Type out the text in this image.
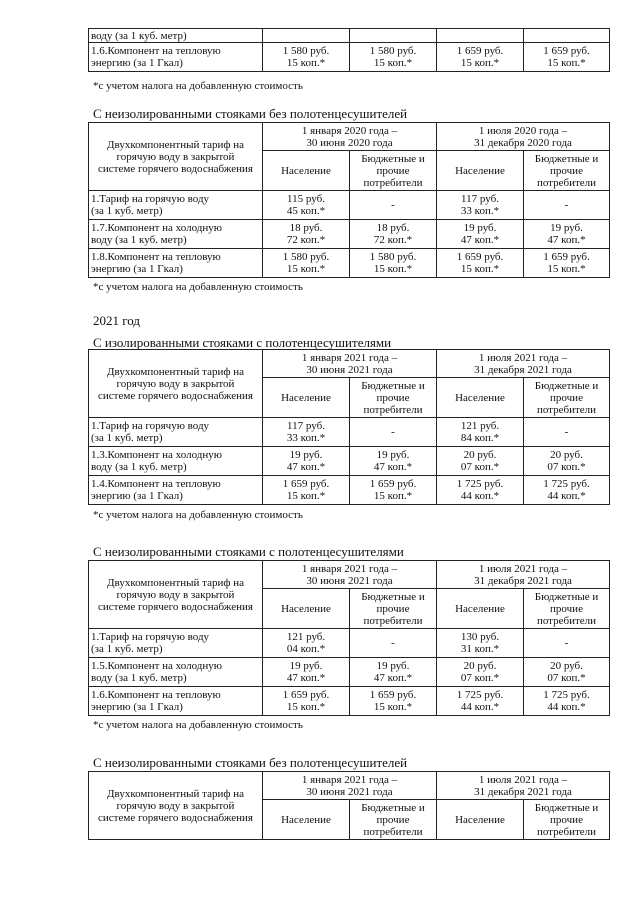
воду (за 1 куб. метр)				

1.6.Компонент на тепловую
энергию (за 1 Гкал)	1 580 руб.
15 коп.*	1 580 руб.
15 коп.*	1 659 руб.
15 коп.*	1 659 руб.
15 коп.*
*с учетом налога на добавленную стоимость
С неизолированными стояками без полотенцесушителей
Двухкомпонентный тариф на
горячую воду в закрытой
системе горячего водоснабжения	1 января 2020 года –
30 июня 2020 года		1 июля 2020 года –
31 декабря 2020 года	

	Население	Бюджетные и
прочие
потребители	Население	Бюджетные и
прочие
потребители

1.Тариф на горячую воду
(за 1 куб. метр)	115 руб.
45 коп.*	-	117 руб.
33 коп.*	-

1.7.Компонент на холодную
воду (за 1 куб. метр)	18 руб.
72 коп.*	18 руб.
72 коп.*	19 руб.
47 коп.*	19 руб.
47 коп.*

1.8.Компонент на тепловую
энергию (за 1 Гкал)	1 580 руб.
15 коп.*	1 580 руб.
15 коп.*	1 659 руб.
15 коп.*	1 659 руб.
15 коп.*
*с учетом налога на добавленную стоимость
2021 год
С изолированными стояками с полотенцесушителями
Двухкомпонентный тариф на
горячую воду в закрытой
системе горячего водоснабжения	1 января 2021 года –
30 июня 2021 года		1 июля 2021 года –
31 декабря 2021 года	

	Население	Бюджетные и
прочие
потребители	Население	Бюджетные и
прочие
потребители

1.Тариф на горячую воду
(за 1 куб. метр)	117 руб.
33 коп.*	-	121 руб.
84 коп.*	-

1.3.Компонент на холодную
воду (за 1 куб. метр)	19 руб.
47 коп.*	19 руб.
47 коп.*	20 руб.
07 коп.*	20 руб.
07 коп.*

1.4.Компонент на тепловую
энергию (за 1 Гкал)	1 659 руб.
15 коп.*	1 659 руб.
15 коп.*	1 725 руб.
44 коп.*	1 725 руб.
44 коп.*
*с учетом налога на добавленную стоимость
С неизолированными стояками с полотенцесушителями
Двухкомпонентный тариф на
горячую воду в закрытой
системе горячего водоснабжения	1 января 2021 года –
30 июня 2021 года		1 июля 2021 года –
31 декабря 2021 года	

	Население	Бюджетные и
прочие
потребители	Население	Бюджетные и
прочие
потребители

1.Тариф на горячую воду
(за 1 куб. метр)	121 руб.
04 коп.*	-	130 руб.
31 коп.*	-

1.5.Компонент на холодную
воду (за 1 куб. метр)	19 руб.
47 коп.*	19 руб.
47 коп.*	20 руб.
07 коп.*	20 руб.
07 коп.*

1.6.Компонент на тепловую
энергию (за 1 Гкал)	1 659 руб.
15 коп.*	1 659 руб.
15 коп.*	1 725 руб.
44 коп.*	1 725 руб.
44 коп.*
*с учетом налога на добавленную стоимость
С неизолированными стояками без полотенцесушителей
Двухкомпонентный тариф на
горячую воду в закрытой
системе горячего водоснабжения	1 января 2021 года –
30 июня 2021 года		1 июля 2021 года –
31 декабря 2021 года	

	Население	Бюджетные и
прочие
потребители	Население	Бюджетные и
прочие
потребители
